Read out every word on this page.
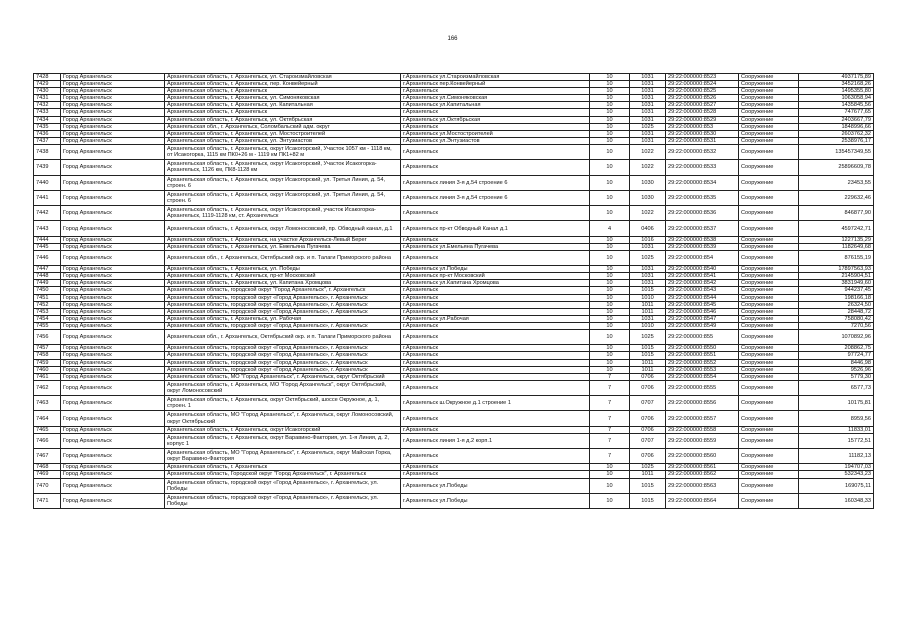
166
7428	Город Архангельск	Архангельская область, г. Архангельск, ул. Староизмайловская	г.Архангельск ул.Староизмайловская	10	1031	29:22:000000:8523	Сооружение	4937175,89
7429	Город Архангельск	Архангельская область, г. Архангельск, пер. Конвейерный	г.Архангельск пер.Конвейерный	10	1031	29:22:000000:8524	Сооружение	3452168,26
7430	Город Архангельск	Архангельская область, г. Архангельск	г.Архангельск	10	1031	29:22:000000:8525	Сооружение	1495355,80
7431	Город Архангельск	Архангельская область, г. Архангельск, ул. Симоняковская	г.Архангельск ул.Симоняковская	10	1031	29:22:000000:8526	Сооружение	1063058,94
7432	Город Архангельск	Архангельская область, г. Архангельск, ул. Капитальная	г.Архангельск ул.Капитальная	10	1031	29:22:000000:8527	Сооружение	1435845,56
7433	Город Архангельск	Архангельская область, г. Архангельск	г.Архангельск	10	1031	29:22:000000:8528	Сооружение	747677,65
7434	Город Архангельск	Архангельская область, г. Архангельск, ул. Октябрьская	г.Архангельск ул.Октябрьская	10	1031	29:22:000000:8529	Сооружение	2403667,79
7435	Город Архангельск	Архангельская обл., г. Архангельск, Соломбальский адм. округ	г.Архангельск	10	1025	29:22:000000:853	Сооружение	1848996,66
7436	Город Архангельск	Архангельская область, г. Архангельск, ул. Мостостроителей	г.Архангельск ул.Мостостроителей	10	1031	29:22:000000:8530	Сооружение	2603762,32
7437	Город Архангельск	Архангельская область, г. Архангельск, ул. Энтузиастов	г.Архангельск ул.Энтузиастов	10	1031	29:22:000000:8531	Сооружение	2538976,17
7438	Город Архангельск	Архангельская область, г. Архангельск, округ Исакогорский, Участок 1057 км - 1118 км, от Исакогорка, 1115 км ПК0+26 м - 1119 км ПК1+82 м	г.Архангельск	10	1022	29:22:000000:8532	Сооружение	135457349,55
7439	Город Архангельск	Архангельская область, г. Архангельск, округ Исакогорский, Участок Исакогорка-Архангельск, 1126 км, ПК8-1128 км	г.Архангельск	10	1022	29:22:000000:8533	Сооружение	25896609,78
7440	Город Архангельск	Архангельская область, г. Архангельск, округ Исакогорский, ул. Третья Линия, д. 54, строен. 6	г.Архангельск линия 3-я д.54 строение 6	10	1030	29:22:000000:8534	Сооружение	23453,55
7441	Город Архангельск	Архангельская область, г. Архангельск, округ Исакогорский, ул. Третья Линия, д. 54, строен. 6	г.Архангельск линия 3-я д.54 строение 6	10	1030	29:22:000000:8535	Сооружение	229632,46
7442	Город Архангельск	Архангельская область, г. Архангельск, округ Исакогорский, участок Исакогорка-Архангельск, 1119-1128 км, ст. Архангельск	г.Архангельск	10	1022	29:22:000000:8536	Сооружение	846877,90
7443	Город Архангельск	Архангельская область, г. Архангельск, округ Ломоносовский, пр. Обводный канал, д.1	г.Архангельск пр-кт Обводный Канал д.1	4	0406	29:22:000000:8537	Сооружение	4597242,71
7444	Город Архангельск	Архангельская область, г. Архангельск, на участке Архангельск-Левый Берег	г.Архангельск	10	1016	29:22:000000:8538	Сооружение	1227135,29
7445	Город Архангельск	Архангельская область, г. Архангельск, ул. Емельяна Пугачева	г.Архангельск ул.Емельяна Пугачева	10	1031	29:22:000000:8539	Сооружение	1182649,68
7446	Город Архангельск	Архангельская обл., г. Архангельск, Октябрьский окр. и п. Талаги Приморского района	г.Архангельск	10	1025	29:22:000000:854	Сооружение	876155,19
7447	Город Архангельск	Архангельская область, г. Архангельск, ул. Победы	г.Архангельск ул.Победы	10	1031	29:22:000000:8540	Сооружение	17897563,93
7448	Город Архангельск	Архангельская область, г. Архангельск, пр-кт Московский	г.Архангельск пр-кт Московский	10	1031	29:22:000000:8541	Сооружение	2145904,51
7449	Город Архангельск	Архангельская область, г. Архангельск, ул. Капитана Хромцова	г.Архангельск ул.Капитана Хромцова	10	1031	29:22:000000:8542	Сооружение	3831949,60
7450	Город Архангельск	Архангельская область, городской округ "Город Архангельск", г. Архангельск	г.Архангельск	10	1015	29:22:000000:8543	Сооружение	944237,45
7451	Город Архангельск	Архангельская область, городской округ «Город Архангельск», г. Архангельск	г.Архангельск	10	1010	29:22:000000:8544	Сооружение	198166,18
7452	Город Архангельск	Архангельская область, городской округ «Город Архангельск», г. Архангельск	г.Архангельск	10	1011	29:22:000000:8545	Сооружение	26324,50
7453	Город Архангельск	Архангельская область, городской округ «Город Архангельск», г. Архангельск	г.Архангельск	10	1011	29:22:000000:8546	Сооружение	28448,72
7454	Город Архангельск	Архангельская область, г. Архангельск, ул. Рабочая	г.Архангельск ул.Рабочая	10	1031	29:22:000000:8547	Сооружение	758080,42
7455	Город Архангельск	Архангельская область, городской округ «Город Архангельск», г. Архангельск	г.Архангельск	10	1010	29:22:000000:8549	Сооружение	7270,56
7456	Город Архангельск	Архангельская обл., г. Архангельск, Октябрьский окр. и п. Талаги Приморского района	г.Архангельск	10	1025	29:22:000000:855	Сооружение	1070892,96
7457	Город Архангельск	Архангельская область, городской округ «Город Архангельск», г. Архангельск	г.Архангельск	10	1015	29:22:000000:8550	Сооружение	208862,75
7458	Город Архангельск	Архангельская область, городской округ «Город Архангельск», г. Архангельск	г.Архангельск	10	1015	29:22:000000:8551	Сооружение	97724,77
7459	Город Архангельск	Архангельская область, городской округ «Город Архангельск», г. Архангельск	г.Архангельск	10	1011	29:22:000000:8552	Сооружение	8446,98
7460	Город Архангельск	Архангельская область, городской округ «Город Архангельск», г. Архангельск	г.Архангельск	10	1011	29:22:000000:8553	Сооружение	9526,96
7461	Город Архангельск	Архангельская область, МО "Город Архангельск", г. Архангельск, округ Октябрьский	г.Архангельск	7	0706	29:22:000000:8554	Сооружение	5779,30
7462	Город Архангельск	Архангельская область, г. Архангельск, МО "Город Архангельск", округ Октябрьский, округ Ломоносовский	г.Архангельск	7	0706	29:22:000000:8555	Сооружение	6577,73
7463	Город Архангельск	Архангельская область, г. Архангельск, округ Октябрьский, шоссе Окружное, д. 1, строен. 1	г.Архангельск ш.Окружное д.1 строение 1	7	0707	29:22:000000:8556	Сооружение	10175,81
7464	Город Архангельск	Архангельская область, МО "Город Архангельск", г. Архангельск, округ Ломоносовский, округ Октябрьский	г.Архангельск	7	0706	29:22:000000:8557	Сооружение	8959,56
7465	Город Архангельск	Архангельская область, г. Архангельск, округ Исакогорский	г.Архангельск	7	0706	29:22:000000:8558	Сооружение	11833,01
7466	Город Архангельск	Архангельская область, г. Архангельск, округ Варавино-Фактория, ул. 1-я Линия, д. 2, корпус 1	г.Архангельск линия 1-я д.2 корп.1	7	0707	29:22:000000:8559	Сооружение	15772,51
7467	Город Архангельск	Архангельская область, МО "Город Архангельск", г. Архангельск, округ Майская Горка, округ Варавино-Фактория	г.Архангельск	7	0706	29:22:000000:8560	Сооружение	11182,13
7468	Город Архангельск	Архангельская область, г. Архангельск	г.Архангельск	10	1025	29:22:000000:8561	Сооружение	194707,03
7469	Город Архангельск	Архангельская область, Городской округ "Город Архангельск", г. Архангельск	г.Архангельск	10	1011	29:22:000000:8562	Сооружение	532343,23
7470	Город Архангельск	Архангельская область, городской округ «Город Архангельск», г. Архангельск, ул. Победы	г.Архангельск ул.Победы	10	1015	29:22:000000:8563	Сооружение	169075,11
7471	Город Архангельск	Архангельская область, городской округ «Город Архангельск», г. Архангельск, ул. Победы	г.Архангельск ул.Победы	10	1015	29:22:000000:8564	Сооружение	160348,33
